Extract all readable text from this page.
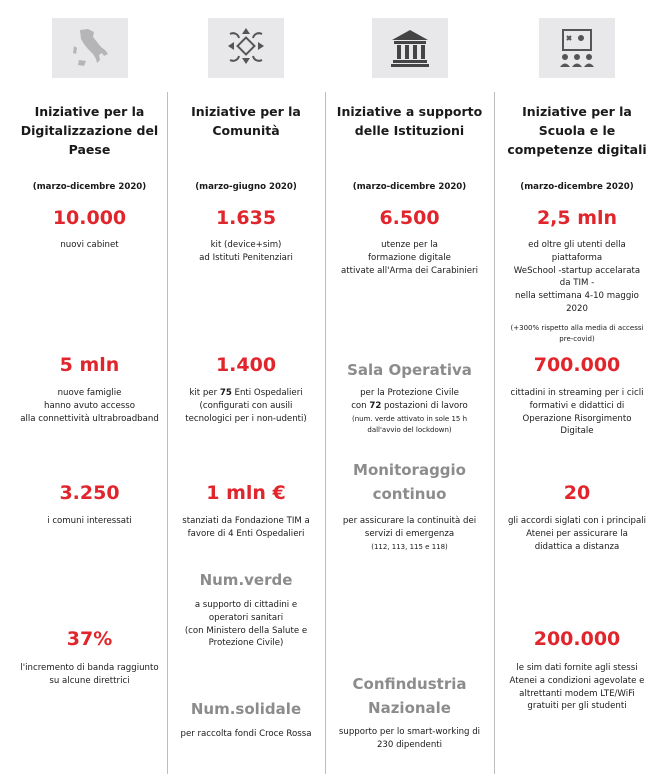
Iniziative per la Digitalizzazione del Paese
(marzo-dicembre 2020)
10.000
nuovi cabinet
5 mln
nuove famiglie
hanno avuto accesso
alla connettività ultrabroadband
3.250
i comuni interessati
37%
l'incremento di banda raggiunto
su alcune direttrici
Iniziative per la Comunità
(marzo-giugno 2020)
1.635
kit (device+sim)
ad Istituti Penitenziari
1.400
kit per 75 Enti Ospedalieri
(configurati con ausili
tecnologici per i non-udenti)
1 mln €
stanziati da Fondazione TIM a
favore di 4 Enti Ospedalieri
Num.verde
a supporto di cittadini e
operatori sanitari
(con Ministero della Salute e
Protezione Civile)
Num.solidale
per raccolta fondi Croce Rossa
Iniziative a supporto delle Istituzioni
(marzo-dicembre 2020)
6.500
utenze per la
formazione digitale
attivate all'Arma dei Carabinieri
Sala Operativa
per la Protezione Civile
con 72 postazioni di lavoro
(num. verde attivato in sole 15 h
dall'avvio del lockdown)
Monitoraggio
continuo
per assicurare la continuità dei
servizi di emergenza
(112, 113, 115 e 118)
Confindustria
Nazionale
supporto per lo smart-working di
230 dipendenti
Iniziative per la Scuola e le competenze digitali
(marzo-dicembre 2020)
2,5 mln
ed oltre gli utenti della
piattaforma
WeSchool -startup accelarata
da TIM -
nella settimana 4-10 maggio
2020
(+300% rispetto alla media di accessi
pre-covid)
700.000
cittadini in streaming per i cicli
formativi e didattici di
Operazione Risorgimento
Digitale
20
gli accordi siglati con i principali
Atenei per assicurare la
didattica a distanza
200.000
le sim dati fornite agli stessi
Atenei a condizioni agevolate e
altrettanti modem LTE/WiFi
gratuiti per gli studenti
